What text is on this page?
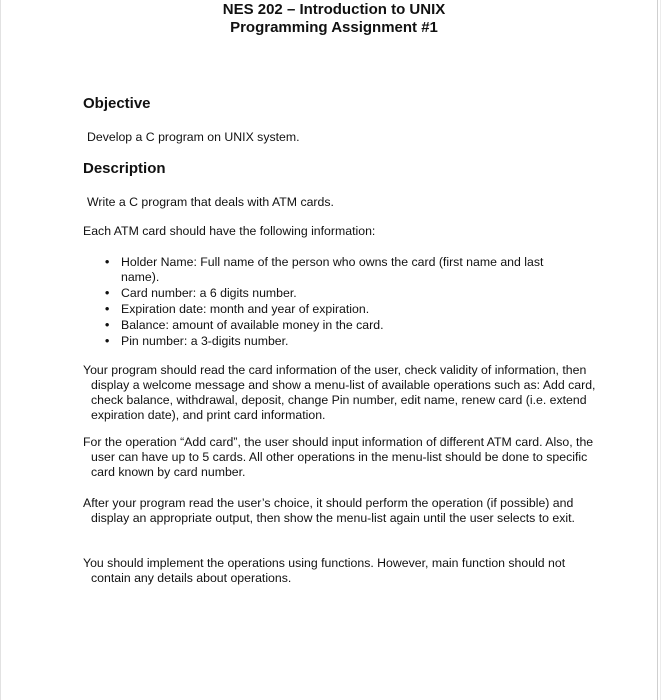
NES 202 – Introduction to UNIX
Programming Assignment #1
Objective

Develop a C program on UNIX system.

Description

Write a C program that deals with ATM cards.

Each ATM card should have the following information:

• Holder Name: Full name of the person who owns the card (first name and last name).
• Card number: a 6 digits number.
• Expiration date: month and year of expiration.
• Balance: amount of available money in the card.
• Pin number: a 3-digits number.

Your program should read the card information of the user, check validity of information, then display a welcome message and show a menu-list of available operations such as: Add card, check balance, withdrawal, deposit, change Pin number, edit name, renew card (i.e. extend expiration date), and print card information.

For the operation “Add card”, the user should input information of different ATM card. Also, the user can have up to 5 cards. All other operations in the menu-list should be done to specific card known by card number.

After your program read the user’s choice, it should perform the operation (if possible) and display an appropriate output, then show the menu-list again until the user selects to exit.

You should implement the operations using functions. However, main function should not contain any details about operations.
